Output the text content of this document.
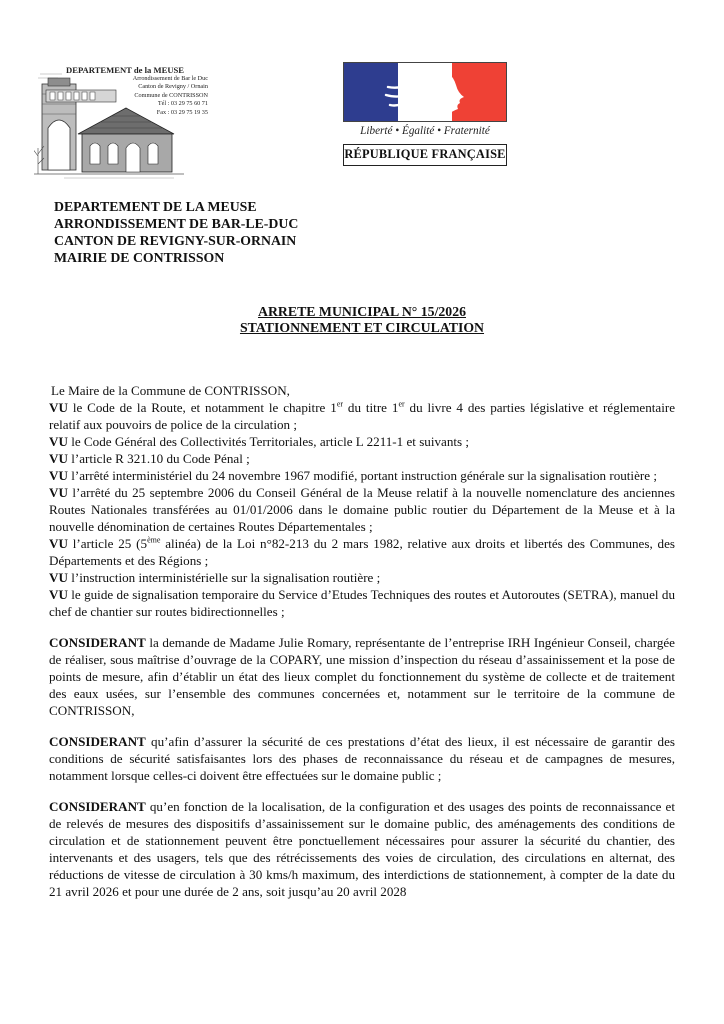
DEPARTEMENT de la MEUSE
Arrondissement de Bar le Duc
Canton de Revigny / Ornain
Commune de CONTRISSON
Tél : 03 29 75 60 71
Fax : 03 29 75 19 35
Liberté • Égalité • Fraternité
RÉPUBLIQUE FRANÇAISE
DEPARTEMENT DE LA MEUSE
ARRONDISSEMENT DE BAR-LE-DUC
CANTON DE REVIGNY-SUR-ORNAIN
MAIRIE DE CONTRISSON
ARRETE MUNICIPAL N° 15/2026
STATIONNEMENT ET CIRCULATION

Le Maire de la Commune de CONTRISSON,

VU le Code de la Route, et notamment le chapitre 1er du titre 1er du livre 4 des parties législative et réglementaire relatif aux pouvoirs de police de la circulation ;

VU le Code Général des Collectivités Territoriales, article L 2211-1 et suivants ;

VU l’article R 321.10 du Code Pénal ;

VU l’arrêté interministériel du 24 novembre 1967 modifié, portant instruction générale sur la signalisation routière ;

VU l’arrêté du 25 septembre 2006 du Conseil Général de la Meuse relatif à la nouvelle nomenclature des anciennes Routes Nationales transférées au 01/01/2006 dans le domaine public routier du Département de la Meuse et à la nouvelle dénomination de certaines Routes Départementales ;

VU l’article 25 (5ème alinéa) de la Loi n°82-213 du 2 mars 1982, relative aux droits et libertés des Communes, des Départements et des Régions ;

VU l’instruction interministérielle sur la signalisation routière ;

VU le guide de signalisation temporaire du Service d’Etudes Techniques des routes et Autoroutes (SETRA), manuel du chef de chantier sur routes bidirectionnelles ;

CONSIDERANT la demande de Madame Julie Romary, représentante de l’entreprise IRH Ingénieur Conseil, chargée de réaliser, sous maîtrise d’ouvrage de la COPARY, une mission d’inspection du réseau d’assainissement et la pose de points de mesure, afin d’établir un état des lieux complet du fonctionnement du système de collecte et de traitement des eaux usées, sur l’ensemble des communes concernées et, notamment sur le territoire de la commune de CONTRISSON,

CONSIDERANT qu’afin d’assurer la sécurité de ces prestations d’état des lieux, il est nécessaire de garantir des conditions de sécurité satisfaisantes lors des phases de reconnaissance du réseau et de campagnes de mesures, notamment lorsque celles-ci doivent être effectuées sur le domaine public ;

CONSIDERANT qu’en fonction de la localisation, de la configuration et des usages des points de reconnaissance et de relevés de mesures des dispositifs d’assainissement sur le domaine public, des aménagements des conditions de circulation et de stationnement peuvent être ponctuellement nécessaires pour assurer la sécurité du chantier, des intervenants et des usagers, tels que des rétrécissements des voies de circulation, des circulations en alternat, des réductions de vitesse de circulation à 30 kms/h maximum, des interdictions de stationnement, à compter de la date du 21 avril 2026 et pour une durée de 2 ans, soit jusqu’au 20 avril 2028
